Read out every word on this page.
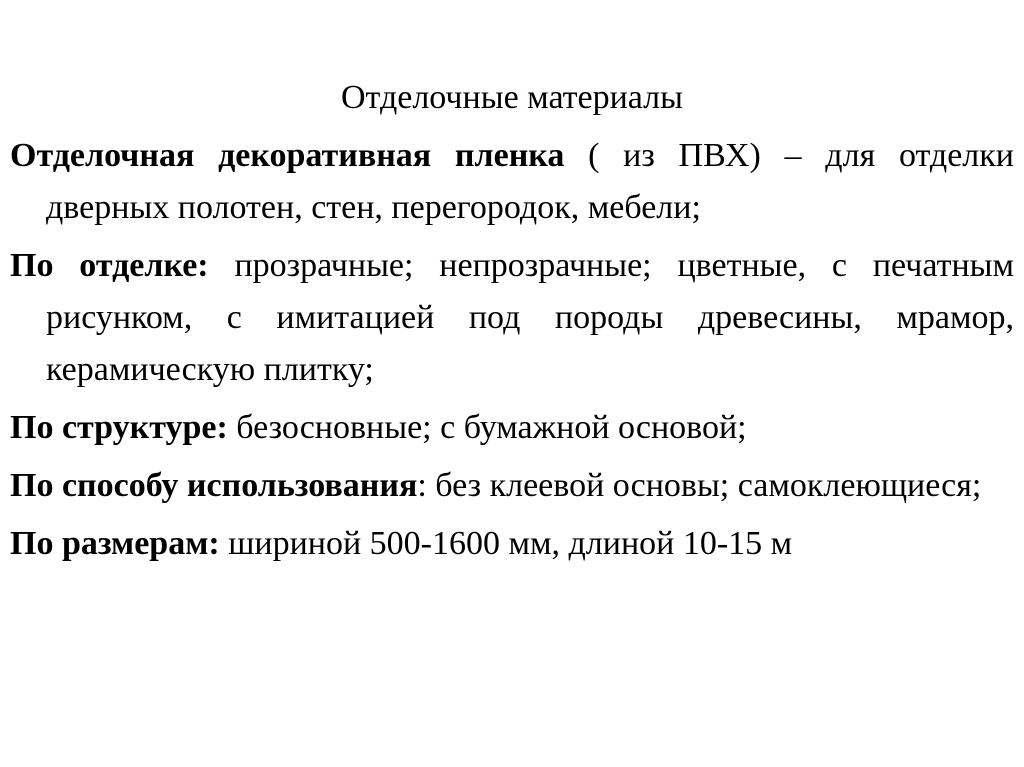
Отделочные материалы

Отделочная декоративная пленка ( из ПВХ) – для отделки дверных полотен, стен, перегородок, мебели;

По отделке: прозрачные; непрозрачные; цветные, с печатным рисунком, с имитацией под породы древесины, мрамор, керамическую плитку;

По структуре: безосновные; с бумажной основой;

По способу использования: без клеевой основы; самоклеющиеся;

По размерам: шириной 500-1600 мм, длиной 10-15 м
